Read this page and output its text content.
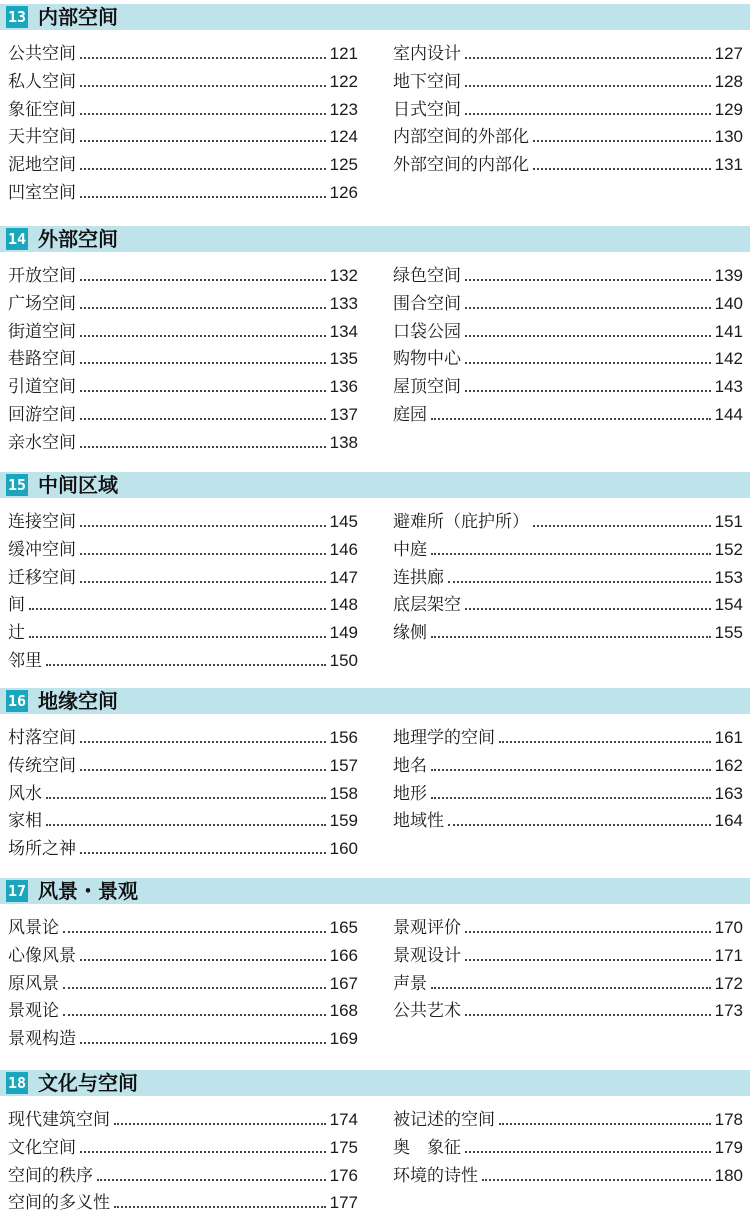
13 内部空间
公共空间	121
私人空间	122
象征空间	123
天井空间	124
泥地空间	125
凹室空间	126
室内设计	127
地下空间	128
日式空间	129
内部空间的外部化	130
外部空间的内部化	131
14 外部空间
开放空间	132
广场空间	133
街道空间	134
巷路空间	135
引道空间	136
回游空间	137
亲水空间	138
绿色空间	139
围合空间	140
口袋公园	141
购物中心	142
屋顶空间	143
庭园	144
15 中间区域
连接空间	145
缓冲空间	146
迁移空间	147
间	148
辻	149
邻里	150
避难所（庇护所）	151
中庭	152
连拱廊	153
底层架空	154
缘侧	155
16 地缘空间
村落空间	156
传统空间	157
风水	158
家相	159
场所之神	160
地理学的空间	161
地名	162
地形	163
地域性	164
17 风景・景观
风景论	165
心像风景	166
原风景	167
景观论	168
景观构造	169
景观评价	170
景观设计	171
声景	172
公共艺术	173
18 文化与空间
现代建筑空间	174
文化空间	175
空间的秩序	176
空间的多义性	177
被记述的空间	178
奥　象征	179
环境的诗性	180
